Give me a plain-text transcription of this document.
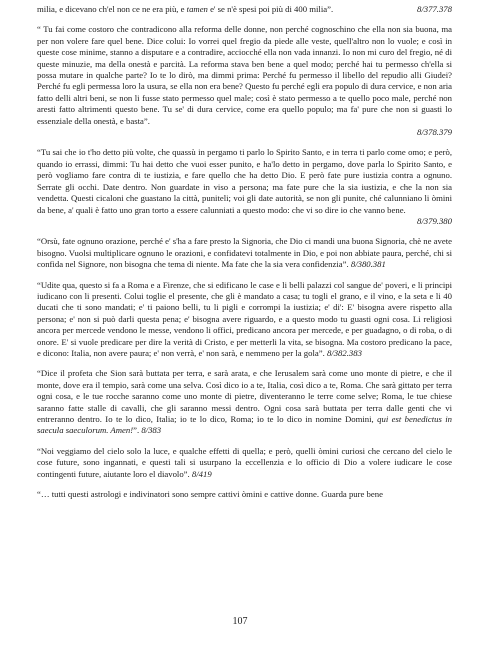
milia, e dicevano ch'el non ce ne era più, e tamen e' se n'è spesi poi più di 400 milia”.	8/377.378

“ Tu fai come costoro che contradicono alla reforma delle donne, non perché cognoschino che ella non sia buona, ma per non volere fare quel bene. Dice colui: Io vorrei quel fregio da piede alle veste, quell'altro non lo vuole; e così in queste cose minime, stanno a disputare e a contradire, acciocché ella non vada innanzi. Io non mi curo del fregio, né di queste minuzie, ma della onestà e parcità. La reforma stava ben bene a quel modo; perché hai tu permesso ch'ella si possa mutare in qualche parte? Io te lo dirò, ma dimmi prima: Perché fu permesso il libello del repudio alli Giudei? Perché fu egli permessa loro la usura, se ella non era bene? Questo fu perché egli era populo di dura cervice, e non aria fatto delli altri beni, se non li fusse stato permesso quel male; così è stato permesso a te quello poco male, perché non aresti fatto altrimenti questo bene. Tu se' di dura cervice, come era quello populo; ma fa' pure che non si guasti lo essenziale della onestà, e basta”.
8/378.379

“Tu sai che io t'ho detto più volte, che quassù in pergamo ti parlo lo Spirito Santo, e in terra ti parlo come omo; e però, quando io errassi, dimmi: Tu hai detto che vuoi esser punito, e ha'lo detto in pergamo, dove parla lo Spirito Santo, e però vogliamo fare contra di te iustizia, e fare quello che ha detto Dio. E però fate pure iustizia contra a ognuno. Serrate gli occhi. Date dentro. Non guardate in viso a persona; ma fate pure che la sia iustizia, e che la non sia vendetta. Questi cicaloni che guastano la città, puniteli; voi gli date autorità, se non gli punite, ché calunniano li òmini da bene, a' quali è fatto uno gran torto a essere calunniati a questo modo: che vi so dire io che vanno bene.
8/379.380

“Orsù, fate ognuno orazione, perché e' s'ha a fare presto la Signoria, che Dio ci mandi una buona Signoria, chè ne avete bisogno. Vuolsi multiplicare ognuno le orazioni, e confidatevi totalmente in Dio, e poi non abbiate paura, perché, chi si confida nel Signore, non bisogna che tema di niente. Ma fate che la sia vera confidenzia”. 8/380.381

“Udite qua, questo si fa a Roma e a Firenze, che si edificano le case e li belli palazzi col sangue de' poveri, e li principi iudicano con li presenti. Colui toglie el presente, che gli è mandato a casa; tu togli el grano, e il vino, e la seta e li 40 ducati che ti sono mandati; e' ti paiono belli, tu li pigli e corrompi la iustizia; e' di': E' bisogna avere rispetto alla persona; e' non si può darli questa pena; e' bisogna avere riguardo, e a questo modo tu guasti ogni cosa. Li religiosi ancora per mercede vendono le messe, vendono li offici, predicano ancora per mercede, e per guadagno, o di roba, o di onore. E' si vuole predicare per dire la verità di Cristo, e per metterli la vita, se bisogna. Ma costoro predicano la pace, e dicono: Italia, non avere paura; e' non verrà, e' non sarà, e nemmeno per la gola”. 8/382.383

“Dice il profeta che Sion sarà buttata per terra, e sarà arata, e che Ierusalem sarà come uno monte di pietre, e che il monte, dove era il tempio, sarà come una selva. Così dico io a te, Italia, così dico a te, Roma. Che sarà gittato per terra ogni cosa, e le tue rocche saranno come uno monte di pietre, diventeranno le terre come selve; Roma, le tue chiese saranno fatte stalle di cavalli, che gli saranno messi dentro. Ogni cosa sarà buttata per terra dalle genti che vi entreranno dentro. Io te lo dico, Italia; io te lo dico, Roma; io te lo dico in nomine Domini, qui est benedictus in saecula saeculorum. Amen!”. 8/383

“Noi veggiamo del cielo solo la luce, e qualche effetti di quella; e però, quelli òmini curiosi che cercano del cielo le cose future, sono ingannati, e questi tali si usurpano la eccellenzia e lo officio di Dio a volere iudicare le cose contingenti future, aiutante loro el diavolo”. 8/419

“… tutti questi astrologi e indivinatori sono sempre cattivi òmini e cattive donne. Guarda pure bene

107
